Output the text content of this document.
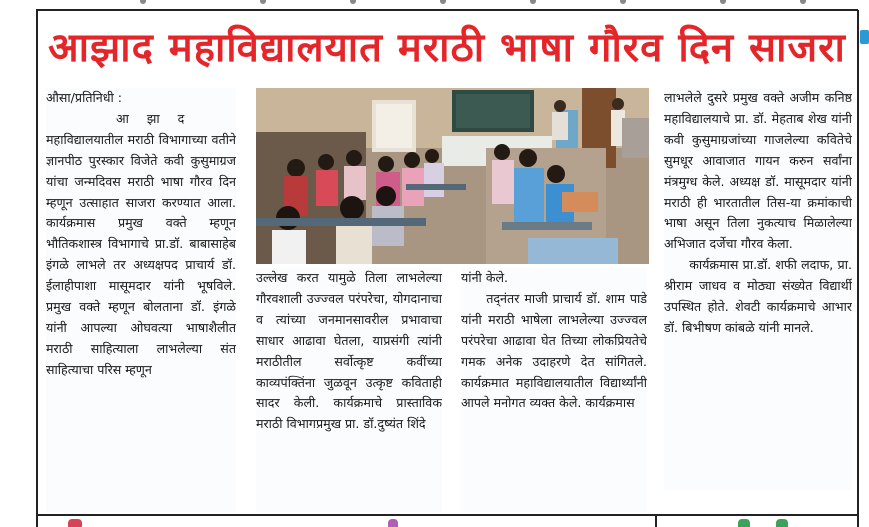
आझाद महाविद्यालयात मराठी भाषा गौरव दिन साजरा

औसा/प्रतिनिधी :

आझाद

महाविद्यालयातील मराठी विभागाच्या वतीने ज्ञानपीठ पुरस्कार विजेते कवी कुसुमाग्रज यांचा जन्मदिवस मराठी भाषा गौरव दिन म्हणून उत्साहात साजरा करण्यात आला. कार्यक्रमास प्रमुख वक्ते म्हणून भौतिकशास्त्र विभागाचे प्रा.डॉ. बाबासाहेब इंगळे लाभले तर अध्यक्षपद प्राचार्य डॉ. ईलाहीपाशा मासूमदार यांनी भूषविले. प्रमुख वक्ते म्हणून बोलताना डॉ. इंगळे यांनी आपल्या ओघवत्या भाषाशैलीत मराठी साहित्याला लाभलेल्या संत साहित्याचा परिस म्हणून

उल्लेख करत यामुळे तिला लाभलेल्या गौरवशाली उज्ज्वल परंपरेचा, योगदानाचा व त्यांच्या जनमानसावरील प्रभावाचा साधार आढावा घेतला, याप्रसंगी त्यांनी मराठीतील सर्वोत्कृष्ट कवींच्या काव्यपंक्तिंना जुळवून उत्कृष्ट कविताही सादर केली. कार्यक्रमाचे प्रास्ताविक मराठी विभागप्रमुख प्रा. डॉ.दुष्यंत शिंदे

यांनी केले.

तद्नंतर माजी प्राचार्य डॉ. शाम पाडे यांनी मराठी भाषेला लाभलेल्या उज्ज्वल परंपरेचा आढावा घेत तिच्या लोकप्रियतेचे गमक अनेक उदाहरणे देत सांगितले. कार्यक्रमात महाविद्यालयातील विद्यार्थ्यांनी आपले मनोगत व्यक्त केले. कार्यक्रमास

लाभलेले दुसरे प्रमुख वक्ते अजीम कनिष्ठ महाविद्यालयाचे प्रा. डॉ. मेहताब शेख यांनी कवी कुसुमाग्रजांच्या गाजलेल्या कवितेचे सुमधूर आवाजात गायन करुन सर्वांना मंत्रमुग्ध केले. अध्यक्ष डॉ. मासूमदार यांनी मराठी ही भारतातील तिस-या क्रमांकाची भाषा असून तिला नुकत्याच मिळालेल्या अभिजात दर्जेचा गौरव केला.

कार्यक्रमास प्रा.डॉ. शफी लदाफ, प्रा. श्रीराम जाधव व मोठ्या संख्येत विद्यार्थी उपस्थित होते. शेवटी कार्यक्रमाचे आभार डॉ. बिभीषण कांबळे यांनी मानले.
